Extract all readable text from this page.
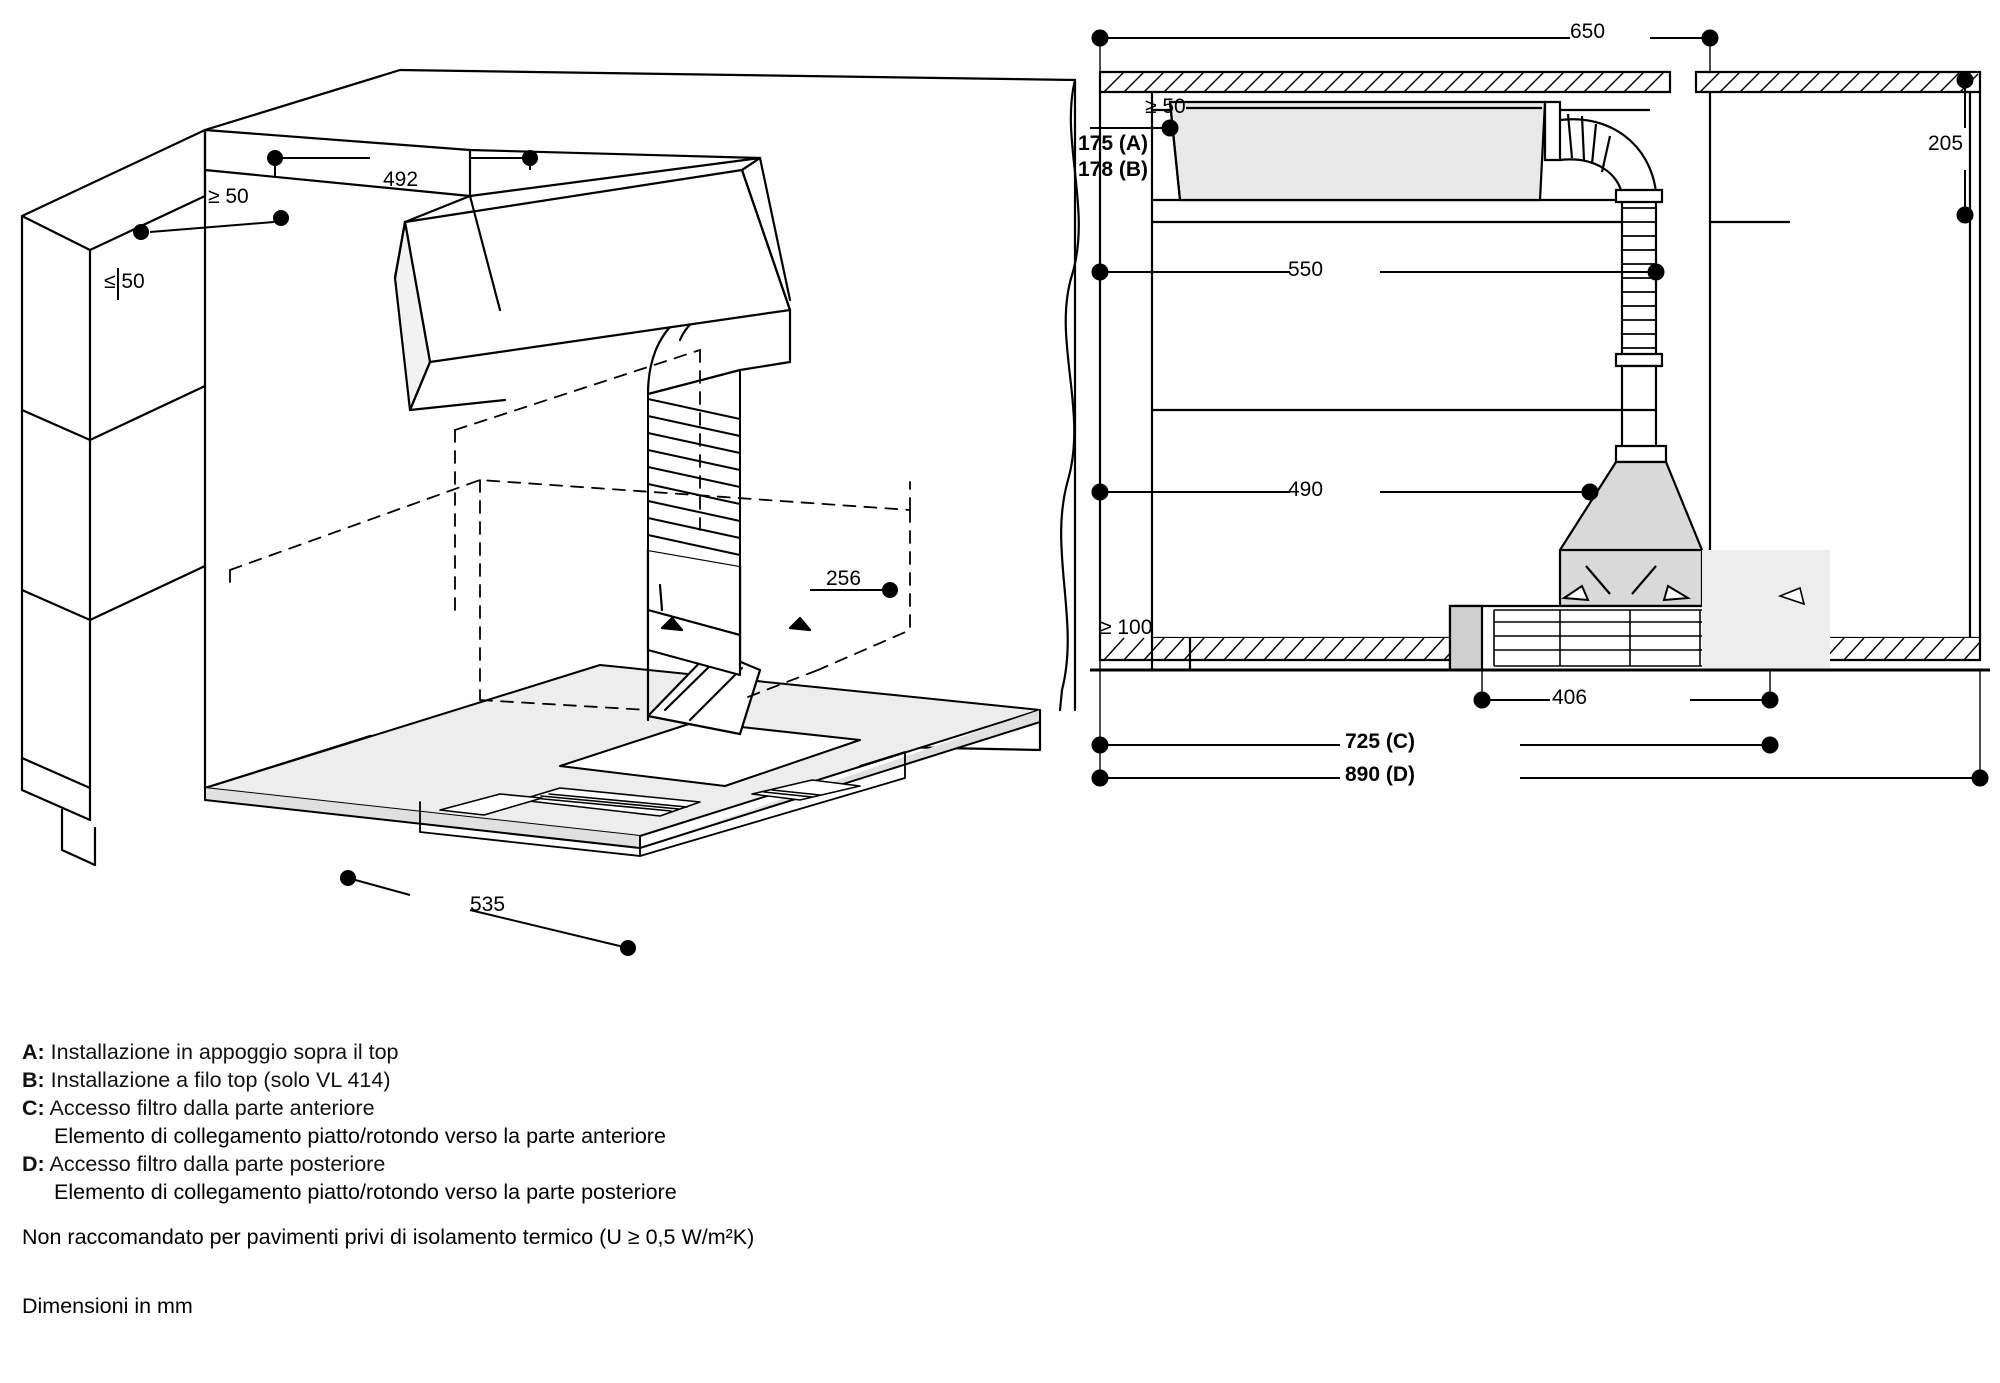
492
≥ 50
≤ 50
256
535
650
≥ 50
175 (A)
178 (B)
205
550
490
≥ 100
406
725 (C)
890 (D)
A: Installazione in appoggio sopra il top
B: Installazione a filo top (solo VL 414)
C: Accesso filtro dalla parte anteriore
Elemento di collegamento piatto/rotondo verso la parte anteriore
D: Accesso filtro dalla parte posteriore
Elemento di collegamento piatto/rotondo verso la parte posteriore
Non raccomandato per pavimenti privi di isolamento termico (U ≥ 0,5 W/m²K)
Dimensioni in mm
